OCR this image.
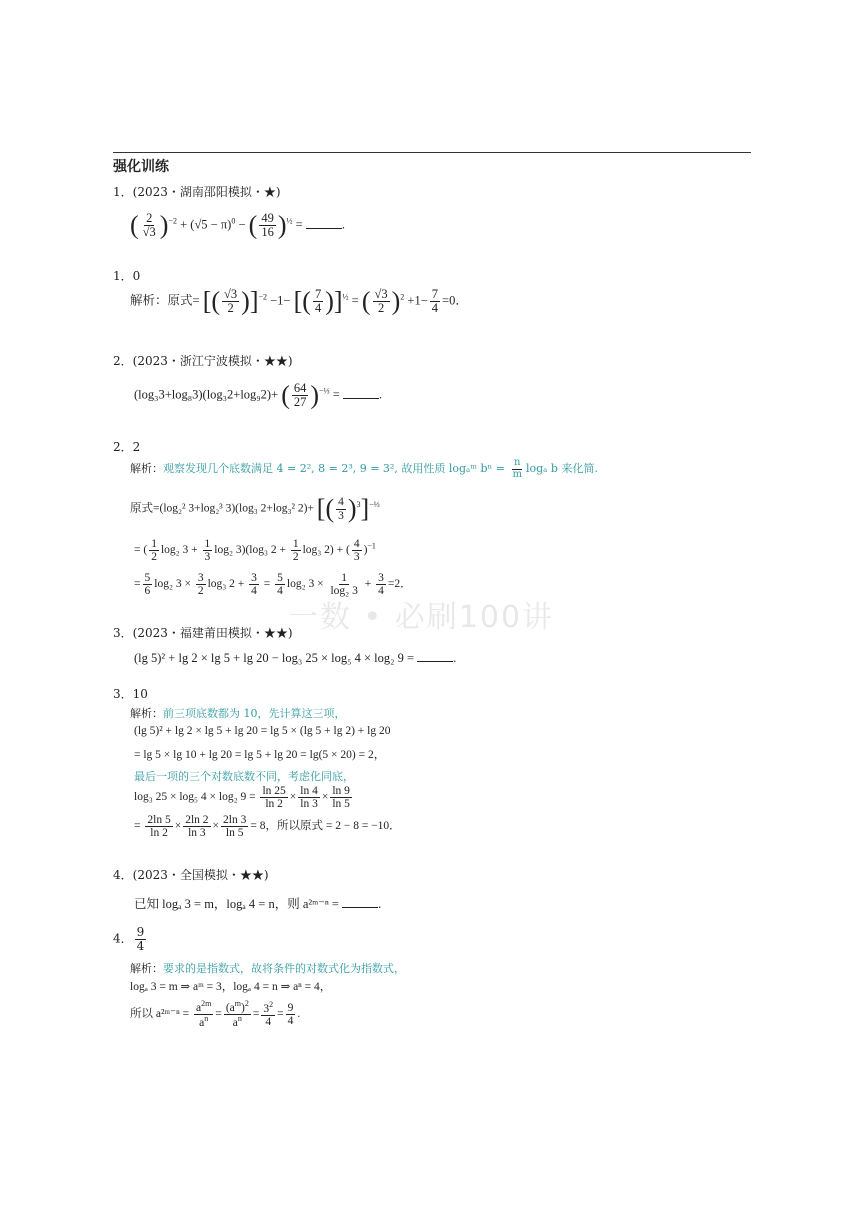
强化训练
一数 • 必刷100讲
1．(2023・湖南邵阳模拟・★)
( $\frac{2}{√3} )^{-2} + (√5 - \pi)^0$ − ( $\frac{49}{16} )^{\frac{1}{2}}$ =	.
1．0
解析：原式= [( $\frac{√3}{2} )]^{-2} -1-$ [( $\frac{7}{4} )]^{\frac{1}{2}}$ = ( $\frac{√3}{2} )^2 +1- \frac{7}{4} =0$．
2．(2023・浙江宁波模拟・★★)
(log₃3+log₈3)(log₃2+log₉2)+ ( $\frac{64}{27} )^{-\frac{1}{3}}$ =	.
2．2
解析：观察发现几个底数满足 4 = 2², 8 = 2³, 9 = 3², 故用性质 logₐᵐ $b^n = \frac{n}{m}$ logₐ b 来化简.
原式=(log₂² 3+log₂³ 3)(log₃ 2+log₃² 2)+ [( $\frac{4}{3} )^3]^{-\frac{1}{3}}$
= ( $\frac{1}{2} \log_2$ $3 + \frac{1}{3} \log_2$ 3)(log₃ $2 + \frac{1}{2} \log_3$ 2) + ( $\frac{4}{3} )^{-1}$
= $\frac{5}{6} \log_2$ $3 \times \frac{3}{2} \log_3$ $2 + \frac{3}{4} = \frac{5}{4} \log_2$ $3 \times \frac{1}{\text{log₂ 3}} + \frac{3}{4} =2$．
3．(2023・福建莆田模拟・★★)
(lg 5)² + lg 2 × lg 5 + lg 20 − log₃ 25 × log₅ 4 × log₂ 9 =	.
3．10
解析：前三项底数都为 10，先计算这三项，
(lg 5)² + lg 2 × lg 5 + lg 20 = lg 5 × (lg 5 + lg 2) + lg 20
= lg 5 × lg 10 + lg 20 = lg 5 + lg 20 = lg(5 × 20) = 2，
最后一项的三个对数底数不同，考虑化同底，
log₃ 25 × log₅ 4 × log₂ $9 = \frac{\ln 25}{\ln 2} \times \frac{\ln 4}{\ln 3} \times \frac{\ln 9}{\ln 5}$
= $\frac{2\ln 5}{\ln 2} \times \frac{2\ln 2}{\ln 3} \times \frac{2\ln 3}{\ln 5} = 8$，所以原式 = 2 − 8 = −10．
4．(2023・全国模拟・★★)
已知 logₐ 3 = m，logₐ 4 = n，则 a²ᵐ⁻ⁿ =	.
4． $\frac{9}{4}$
解析：要求的是指数式，故将条件的对数式化为指数式，
logₐ 3 = m ⇒ aᵐ = 3，logₐ 4 = n ⇒ aⁿ = 4，
所以 a²ᵐ⁻ⁿ = $\frac{a^{2m}}{a^n} = \frac{(a^m)^2}{a^n} = \frac{3^2}{4} = \frac{9}{4}$ .
